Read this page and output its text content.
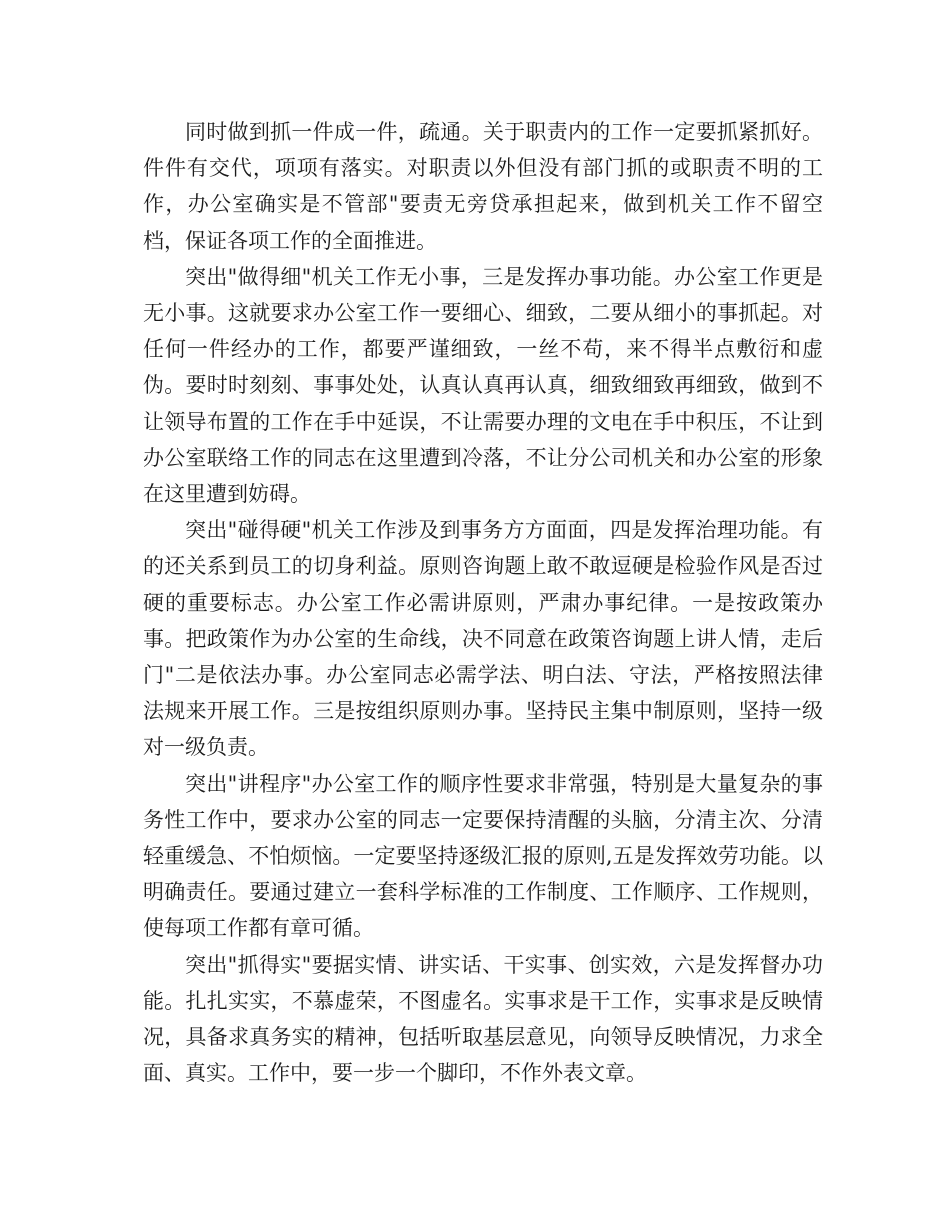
同时做到抓一件成一件，疏通。关于职责内的工作一定要抓紧抓好。件件有交代，项项有落实。对职责以外但没有部门抓的或职责不明的工作，办公室确实是不管部"要责无旁贷承担起来，做到机关工作不留空档，保证各项工作的全面推进。

突出"做得细"机关工作无小事，三是发挥办事功能。办公室工作更是无小事。这就要求办公室工作一要细心、细致，二要从细小的事抓起。对任何一件经办的工作，都要严谨细致，一丝不苟，来不得半点敷衍和虚伪。要时时刻刻、事事处处，认真认真再认真，细致细致再细致，做到不让领导布置的工作在手中延误，不让需要办理的文电在手中积压，不让到办公室联络工作的同志在这里遭到冷落，不让分公司机关和办公室的形象在这里遭到妨碍。

突出"碰得硬"机关工作涉及到事务方方面面，四是发挥治理功能。有的还关系到员工的切身利益。原则咨询题上敢不敢逗硬是检验作风是否过硬的重要标志。办公室工作必需讲原则，严肃办事纪律。一是按政策办事。把政策作为办公室的生命线，决不同意在政策咨询题上讲人情，走后门"二是依法办事。办公室同志必需学法、明白法、守法，严格按照法律法规来开展工作。三是按组织原则办事。坚持民主集中制原则，坚持一级对一级负责。

突出"讲程序"办公室工作的顺序性要求非常强，特别是大量复杂的事务性工作中，要求办公室的同志一定要保持清醒的头脑，分清主次、分清轻重缓急、不怕烦恼。一定要坚持逐级汇报的原则,五是发挥效劳功能。以明确责任。要通过建立一套科学标准的工作制度、工作顺序、工作规则，使每项工作都有章可循。

突出"抓得实"要据实情、讲实话、干实事、创实效，六是发挥督办功能。扎扎实实，不慕虚荣，不图虚名。实事求是干工作，实事求是反映情况，具备求真务实的精神，包括听取基层意见，向领导反映情况，力求全面、真实。工作中，要一步一个脚印，不作外表文章。
